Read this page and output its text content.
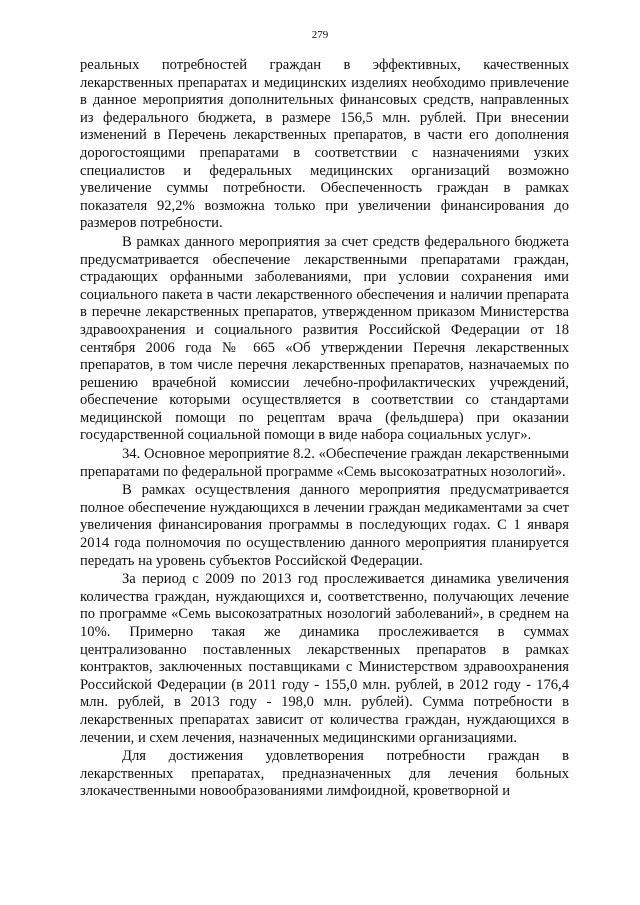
279

реальных потребностей граждан в эффективных, качественных лекарственных препаратах и медицинских изделиях необходимо привлечение в данное мероприятия дополнительных финансовых средств, направленных из федерального бюджета, в размере 156,5 млн. рублей. При внесении изменений в Перечень лекарственных препаратов, в части его дополнения дорогостоящими препаратами в соответствии с назначениями узких специалистов и федеральных медицинских организаций возможно увеличение суммы потребности. Обеспеченность граждан в рамках показателя 92,2% возможна только при увеличении финансирования до размеров потребности.

В рамках данного мероприятия за счет средств федерального бюджета предусматривается обеспечение лекарственными препаратами граждан, страдающих орфанными заболеваниями, при условии сохранения ими социального пакета в части лекарственного обеспечения и наличии препарата в перечне лекарственных препаратов, утвержденном приказом Министерства здравоохранения и социального развития Российской Федерации от 18 сентября 2006 года № 665 «Об утверждении Перечня лекарственных препаратов, в том числе перечня лекарственных препаратов, назначаемых по решению врачебной комиссии лечебно-профилактических учреждений, обеспечение которыми осуществляется в соответствии со стандартами медицинской помощи по рецептам врача (фельдшера) при оказании государственной социальной помощи в виде набора социальных услуг».

34. Основное мероприятие 8.2. «Обеспечение граждан лекарственными препаратами по федеральной программе «Семь высокозатратных нозологий».

В рамках осуществления данного мероприятия предусматривается полное обеспечение нуждающихся в лечении граждан медикаментами за счет увеличения финансирования программы в последующих годах. С 1 января 2014 года полномочия по осуществлению данного мероприятия планируется передать на уровень субъектов Российской Федерации.

За период с 2009 по 2013 год прослеживается динамика увеличения количества граждан, нуждающихся и, соответственно, получающих лечение по программе «Семь высокозатратных нозологий заболеваний», в среднем на 10%. Примерно такая же динамика прослеживается в суммах централизованно поставленных лекарственных препаратов в рамках контрактов, заключенных поставщиками с Министерством здравоохранения Российской Федерации (в 2011 году - 155,0 млн. рублей, в 2012 году - 176,4 млн. рублей, в 2013 году - 198,0 млн. рублей). Сумма потребности в лекарственных препаратах зависит от количества граждан, нуждающихся в лечении, и схем лечения, назначенных медицинскими организациями.

Для достижения удовлетворения потребности граждан в лекарственных препаратах, предназначенных для лечения больных злокачественными новообразованиями лимфоидной, кроветворной и
